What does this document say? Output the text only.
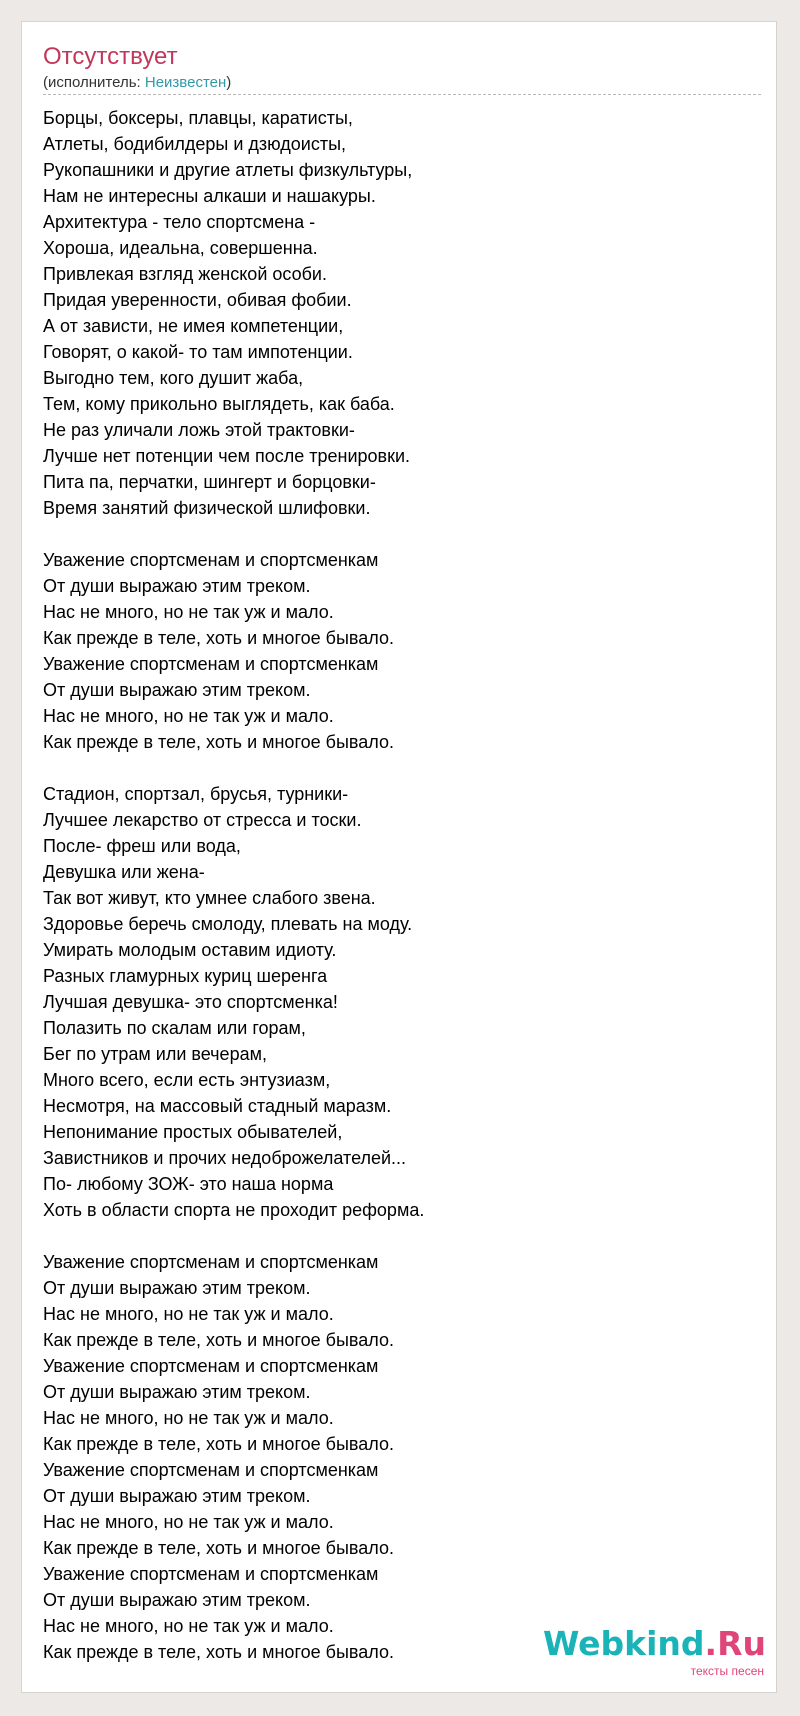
Отсутствует
(исполнитель: Неизвестен)
Борцы, боксеры, плавцы, каратисты,
Атлеты, бодибилдеры и дзюдоисты,
Рукопашники и другие атлеты физкультуры,
Нам не интересны алкаши и нашакуры.
Архитектура - тело спортсмена -
Хороша, идеальна, совершенна.
Привлекая взгляд женской особи.
Придая уверенности, обивая фобии.
А от зависти, не имея компетенции,
Говорят, о какой- то там импотенции.
Выгодно тем, кого душит жаба,
Тем, кому прикольно выглядеть, как баба.
Не раз уличали ложь этой трактовки-
Лучше нет потенции чем после тренировки.
Пита па, перчатки, шингерт и борцовки-
Время занятий физической шлифовки.
Уважение спортсменам и спортсменкам
От души выражаю этим треком.
Нас не много, но не так уж и мало.
Как прежде в теле, хоть и многое бывало.
Уважение спортсменам и спортсменкам
От души выражаю этим треком.
Нас не много, но не так уж и мало.
Как прежде в теле, хоть и многое бывало.
Стадион, спортзал, брусья, турники-
Лучшее лекарство от стресса и тоски.
После- фреш или вода,
Девушка или жена-
Так вот живут, кто умнее слабого звена.
Здоровье беречь смолоду, плевать на моду.
Умирать молодым оставим идиоту.
Разных гламурных куриц шеренга
Лучшая девушка- это спортсменка!
Полазить по скалам или горам,
Бег по утрам или вечерам,
Много всего, если есть энтузиазм,
Несмотря, на массовый стадный маразм.
Непонимание простых обывателей,
Завистников и прочих недоброжелателей...
По- любому ЗОЖ- это наша норма
Хоть в области спорта не проходит реформа.
Уважение спортсменам и спортсменкам
От души выражаю этим треком.
Нас не много, но не так уж и мало.
Как прежде в теле, хоть и многое бывало.
Уважение спортсменам и спортсменкам
От души выражаю этим треком.
Нас не много, но не так уж и мало.
Как прежде в теле, хоть и многое бывало.
Уважение спортсменам и спортсменкам
От души выражаю этим треком.
Нас не много, но не так уж и мало.
Как прежде в теле, хоть и многое бывало.
Уважение спортсменам и спортсменкам
От души выражаю этим треком.
Нас не много, но не так уж и мало.
Как прежде в теле, хоть и многое бывало.	Webkind.Ru
тексты песен
